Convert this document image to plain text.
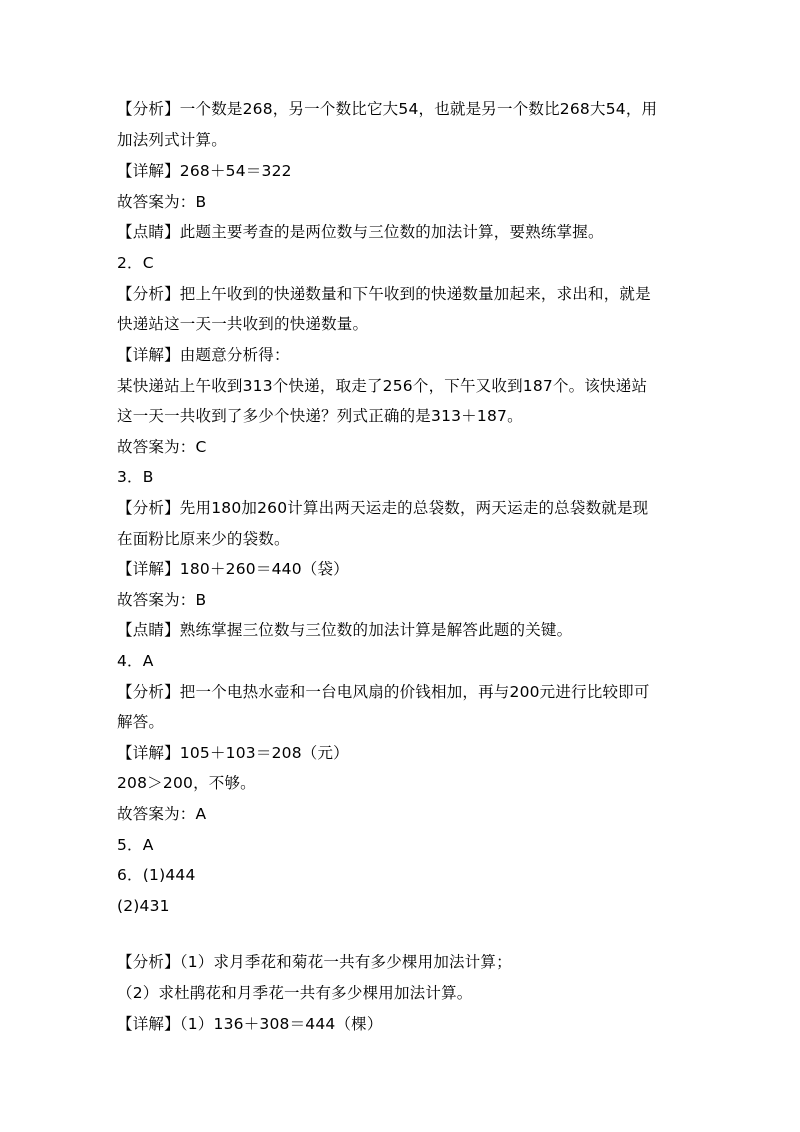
【分析】一个数是268，另一个数比它大54，也就是另一个数比268大54，用
加法列式计算。
【详解】268＋54＝322
故答案为：B
【点睛】此题主要考查的是两位数与三位数的加法计算，要熟练掌握。
2．C
【分析】把上午收到的快递数量和下午收到的快递数量加起来，求出和，就是
快递站这一天一共收到的快递数量。
【详解】由题意分析得：
某快递站上午收到313个快递，取走了256个，下午又收到187个。该快递站
这一天一共收到了多少个快递？列式正确的是313＋187。
故答案为：C
3．B
【分析】先用180加260计算出两天运走的总袋数，两天运走的总袋数就是现
在面粉比原来少的袋数。
【详解】180＋260＝440（袋）
故答案为：B
【点睛】熟练掌握三位数与三位数的加法计算是解答此题的关键。
4．A
【分析】把一个电热水壶和一台电风扇的价钱相加，再与200元进行比较即可
解答。
【详解】105＋103＝208（元）
208＞200，不够。
故答案为：A
5．A
6．(1)444
(2)431
【分析】（1）求月季花和菊花一共有多少棵用加法计算；
（2）求杜鹃花和月季花一共有多少棵用加法计算。
【详解】（1）136＋308＝444（棵）
